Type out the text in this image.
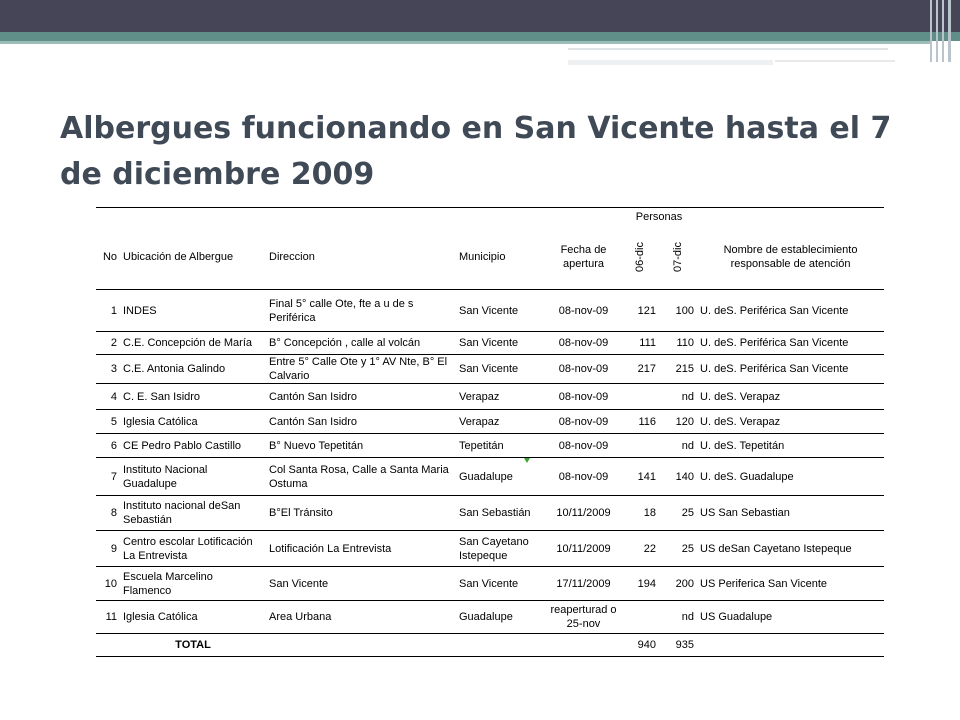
Albergues funcionando en San Vicente hasta el 7 de diciembre 2009
					Personas		
No	Ubicación de Albergue	Direccion	Municipio	Fecha de apertura	06-dic	07-dic	Nombre de establecimiento responsable de atención
1	INDES	Final 5° calle Ote, fte a u de s Periférica	San Vicente	08-nov-09	121	100	U. deS. Periférica San Vicente
2	C.E. Concepción de María	B° Concepción , calle al volcán	San Vicente	08-nov-09	111	110	U. deS. Periférica San Vicente
3	C.E. Antonia Galindo	Entre 5° Calle Ote y 1° AV Nte, B° El Calvario	San Vicente	08-nov-09	217	215	U. deS. Periférica San Vicente
4	C. E. San Isidro	Cantón San Isidro	Verapaz	08-nov-09		nd	U. deS. Verapaz
5	Iglesia Católica	Cantón San Isidro	Verapaz	08-nov-09	116	120	U. deS. Verapaz
6	CE Pedro Pablo Castillo	B° Nuevo Tepetitán	Tepetitán	08-nov-09		nd	U. deS. Tepetitán
7	Instituto Nacional Guadalupe	Col Santa Rosa, Calle a Santa Maria Ostuma	Guadalupe	08-nov-09	141	140	U. deS. Guadalupe
8	Instituto nacional deSan Sebastián	B°El Tránsito	San Sebastián	10/11/2009	18	25	US San Sebastian
9	Centro escolar Lotificación La Entrevista	Lotificación La Entrevista	San Cayetano Istepeque	10/11/2009	22	25	US deSan Cayetano Istepeque
10	Escuela Marcelino Flamenco	San Vicente	San Vicente	17/11/2009	194	200	US Periferica San Vicente
11	Iglesia Católica	Area Urbana	Guadalupe	reaperturad o 25-nov		nd	US Guadalupe
	TOTAL				940	935	
